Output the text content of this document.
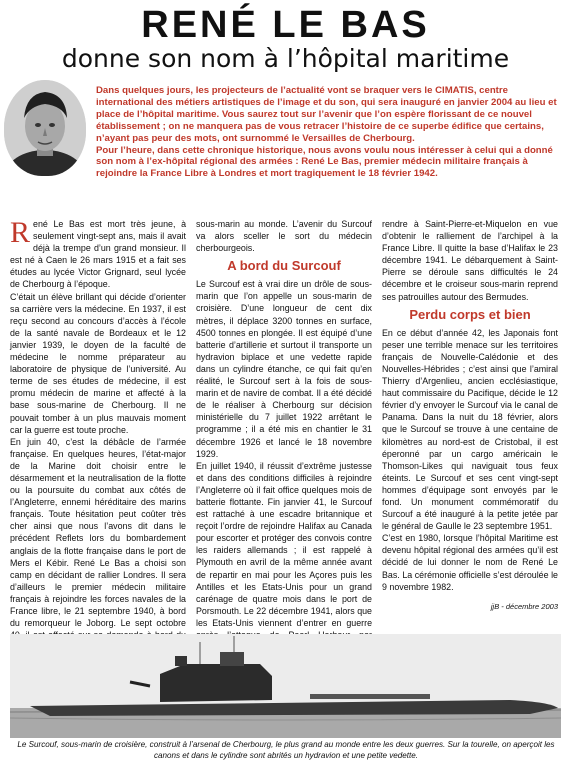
RENÉ LE BAS
donne son nom à l’hôpital maritime

Dans quelques jours, les projecteurs de l’actualité vont se braquer vers le CIMATIS, centre international des métiers artistiques de l’image et du son, qui sera inauguré en janvier 2004 au lieu et place de l’hôpital maritime. Vous saurez tout sur l’avenir que l’on espère florissant de ce nouvel établissement ; on ne manquera pas de vous retracer l’histoire de ce superbe édifice que certains, n’ayant pas peur des mots, ont surnommé le Versailles de Cherbourg.

Pour l’heure, dans cette chronique historique, nous avons voulu nous intéresser à celui qui a donné son nom à l’ex-hôpital régional des armées : René Le Bas, premier médecin militaire français à rejoindre la France Libre à Londres et mort tragiquement le 18 février 1942.

R ené Le Bas est mort très jeune, à seulement vingt-sept ans, mais il avait déjà la trempe d’un grand monsieur. Il est né à Caen le 26 mars 1915 et a fait ses études au lycée Victor Grignard, seul lycée de Cherbourg à l’époque.

C’était un élève brillant qui décide d’orienter sa carrière vers la médecine. En 1937, il est reçu second au concours d’accès à l’école de la santé navale de Bordeaux et le 12 janvier 1939, le doyen de la faculté de médecine le nomme préparateur au laboratoire de physique de l’université. Au terme de ses études de médecine, il est promu médecin de marine et affecté à la base sous-marine de Cherbourg. Il ne pouvait tomber à un plus mauvais moment car la guerre est toute proche.

En juin 40, c’est la débâcle de l’armée française. En quelques heures, l’état-major de la Marine doit choisir entre le désarmement et la neutralisation de la flotte ou la poursuite du combat aux côtés de l’Angleterre, ennemi héréditaire des marins français. Toute hésitation peut coûter très cher ainsi que nous l’avons dit dans le précédent Reflets lors du bombardement anglais de la flotte française dans le port de Mers el Kébir. René Le Bas a choisi son camp en décidant de rallier Londres. Il sera d’ailleurs le premier médecin militaire français à rejoindre les forces navales de la France libre, le 21 septembre 1940, à bord du remorqueur le Joborg. Le sept octobre

sous-marin au monde. L’avenir du Surcouf va alors sceller le sort du médecin cherbourgeois.

A bord du Surcouf

Le Surcouf est à vrai dire un drôle de sous-marin que l’on appelle un sous-marin de croisière. D’une longueur de cent dix mètres, il déplace 3200 tonnes en surface, 4500 tonnes en plongée. Il est équipé d’une batterie d’artillerie et surtout il transporte un hydravion biplace et une vedette rapide dans un cylindre étanche, ce qui fait qu’en réalité, le Surcouf sert à la fois de sous-marin et de navire de combat. Il a été décidé de le réaliser à Cherbourg sur décision ministérielle du 7 juillet 1922 arrêtant le programme ; il a été mis en chantier le 31 décembre 1926 et lancé le 18 novembre 1929.

En juillet 1940, il réussit d’extrême justesse et dans des conditions difficiles à rejoindre l’Angleterre où il fait office quelques mois de batterie flottante. Fin janvier 41, le Surcouf est rattaché à une escadre britannique et reçoit l’ordre de rejoindre Halifax au Canada pour escorter et protéger des convois contre les raiders allemands ; il est rappelé à Plymouth en avril de la même année avant de repartir en mai pour les Açores puis les Antilles et les Etats-Unis pour un grand carénage de quatre mois dans le port de Porsmouth. Le 22 décembre 1941, alors que les Etats-Unis viennent d’entrer en guerre

rendre à Saint-Pierre-et-Miquelon en vue d’obtenir le ralliement de l’archipel à la France Libre. Il quitte la base d’Halifax le 23 décembre 1941. Le débarquement à Saint-Pierre se déroule sans difficultés le 24 décembre et le croiseur sous-marin reprend ses patrouilles autour des Bermudes.

Perdu corps et bien

En ce début d’année 42, les Japonais font peser une terrible menace sur les territoires français de Nouvelle-Calédonie et des Nouvelles-Hébrides ; c’est ainsi que l’amiral Thierry d’Argenlieu, ancien ecclésiastique, haut commissaire du Pacifique, décide le 12 février d’y envoyer le Surcouf via le canal de Panama. Dans la nuit du 18 février, alors que le Surcouf se trouve à une centaine de kilomètres au nord-est de Cristobal, il est éperonné par un cargo américain le Thomson-Likes qui naviguait tous feux éteints. Le Surcouf et ses cent vingt-sept hommes d’équipage sont envoyés par le fond. Un monument commémoratif du Surcouf a été inauguré à la petite jetée par le général de Gaulle le 23 septembre 1951.

C’est en 1980, lorsque l’hôpital Maritime est devenu hôpital régional des armées qu’il est décidé de lui donner le nom de René Le Bas. La cérémonie officielle s’est déroulée le 9 novembre 1982.

jjB - décembre 2003
Le Surcouf, sous-marin de croisière, construit à l’arsenal de Cherbourg, le plus grand au monde entre les deux guerres. Sur la tourelle, on aperçoit les canons et dans le cylindre sont abrités un hydravion et une petite vedette.
